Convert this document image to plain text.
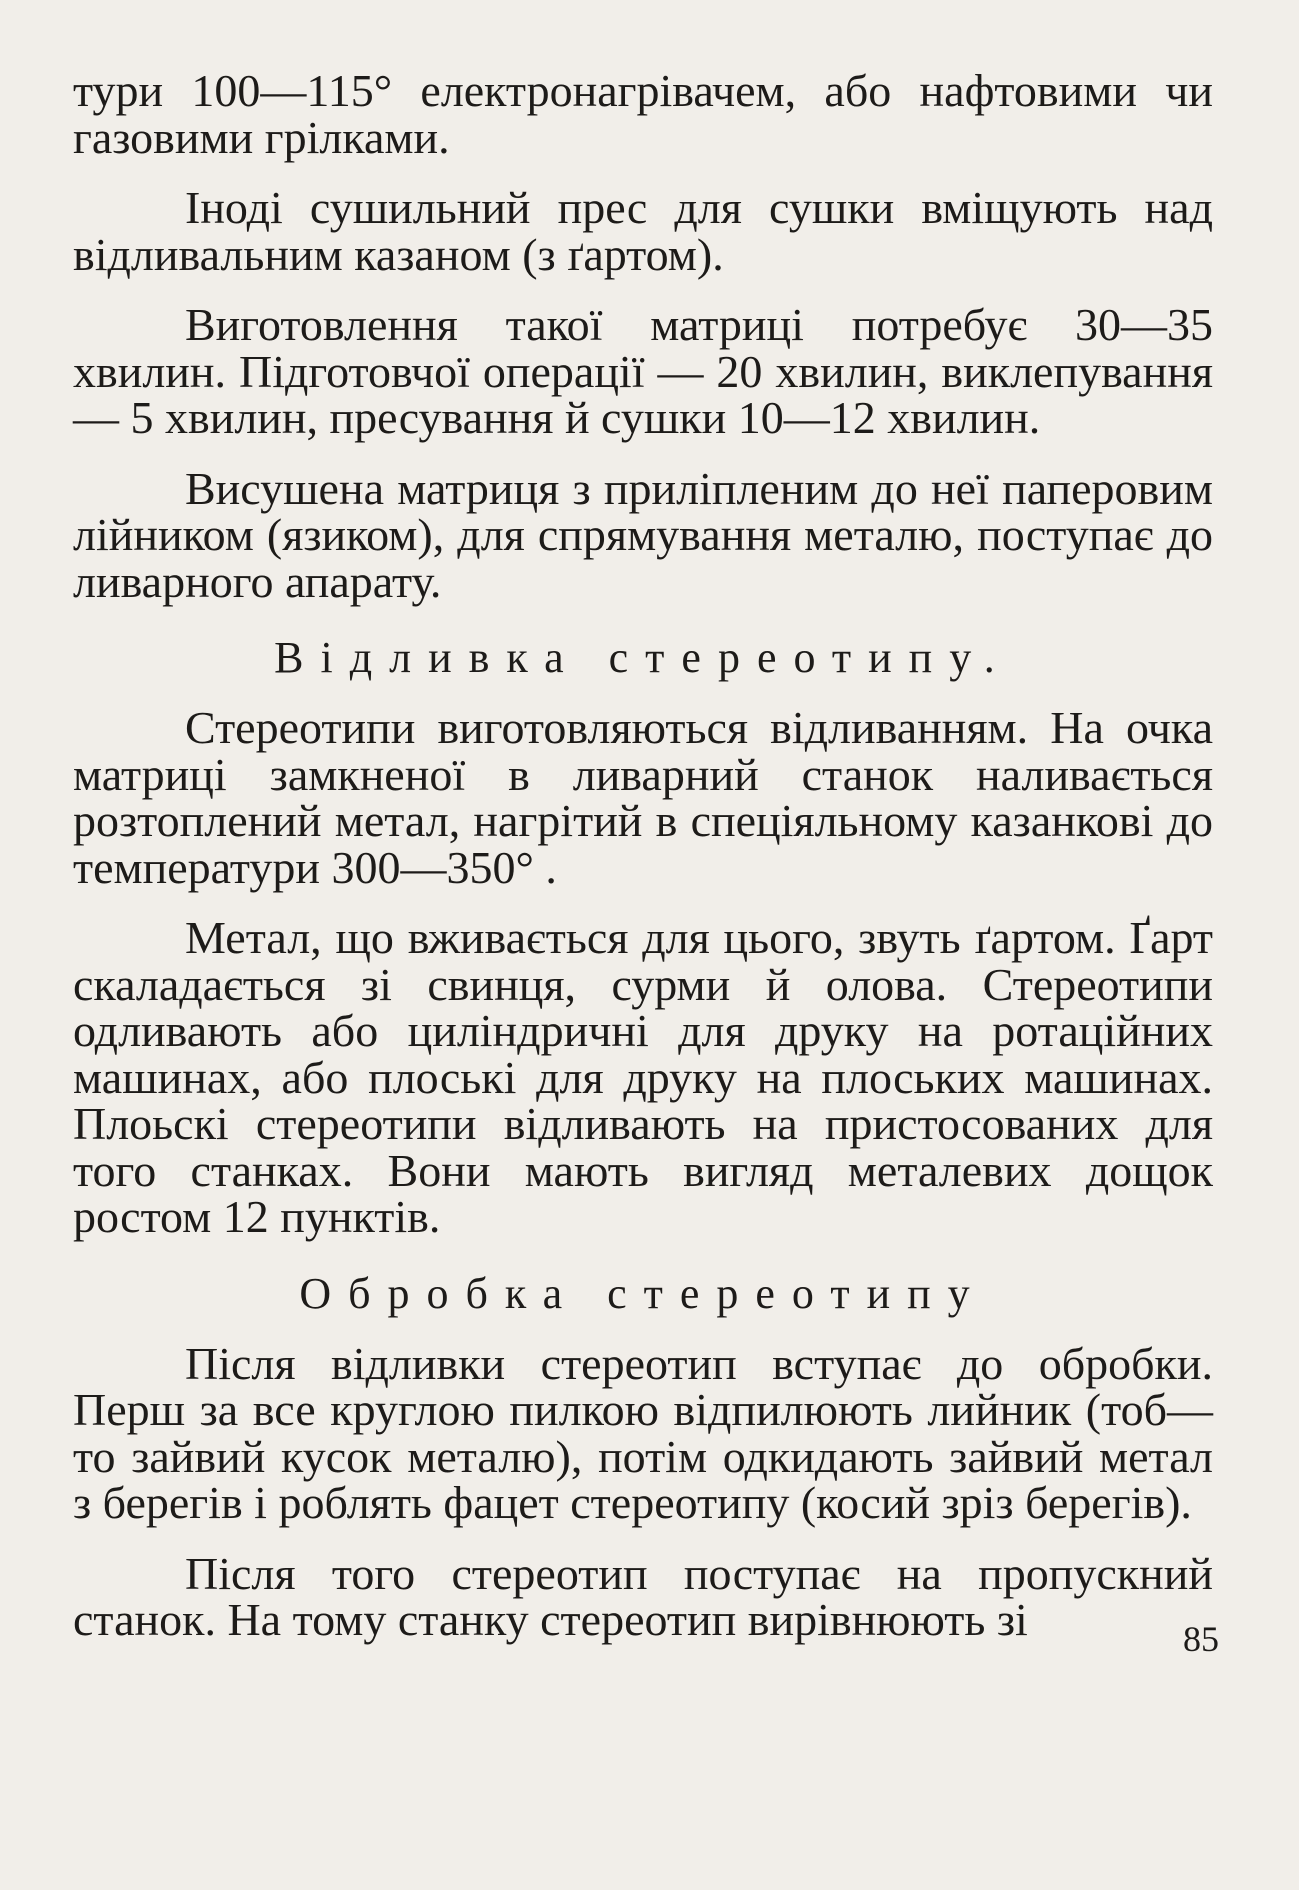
тури 100—115° електронагрівачем, або нафтовими чи газовими грілками.

Іноді сушильний прес для сушки вміщують над відливальним казаном (з ґартом).

Виготовлення такої матриці потребує 30—35 хвилин. Підготовчої операції — 20 хвилин, виклепування — 5 хвилин, пресування й сушки 10—12 хвилин.

Висушена матриця з приліпленим до неї паперовим лійником (язиком), для спрямування металю, поступає до ливарного апарату.

Відливка стереотипу.

Стереотипи виготовляються відливанням. На очка матриці замкненої в ливарний станок наливається розтоплений метал, нагрітий в спеціяльному казанкові до температури 300—350° .

Метал, що вживається для цього, звуть ґартом. Ґарт скаладається зі свинця, сурми й олова. Стереотипи одливають або циліндричні для друку на ротаційних машинах, або плоські для друку на плоських машинах. Плоьскі стереотипи відливають на пристосованих для того станках. Вони мають вигляд металевих дощок ростом 12 пунктів.

Обробка стереотипу

Після відливки стереотип вступає до обробки. Перш за все круглою пилкою відпилюють лийник (тоб—то зайвий кусок металю), потім одкидають зайвий метал з берегів і роблять фацет стереотипу (косий зріз берегів).

Після того стереотип поступає на пропускний станок. На тому станку стереотип вирівнюють зі	85
